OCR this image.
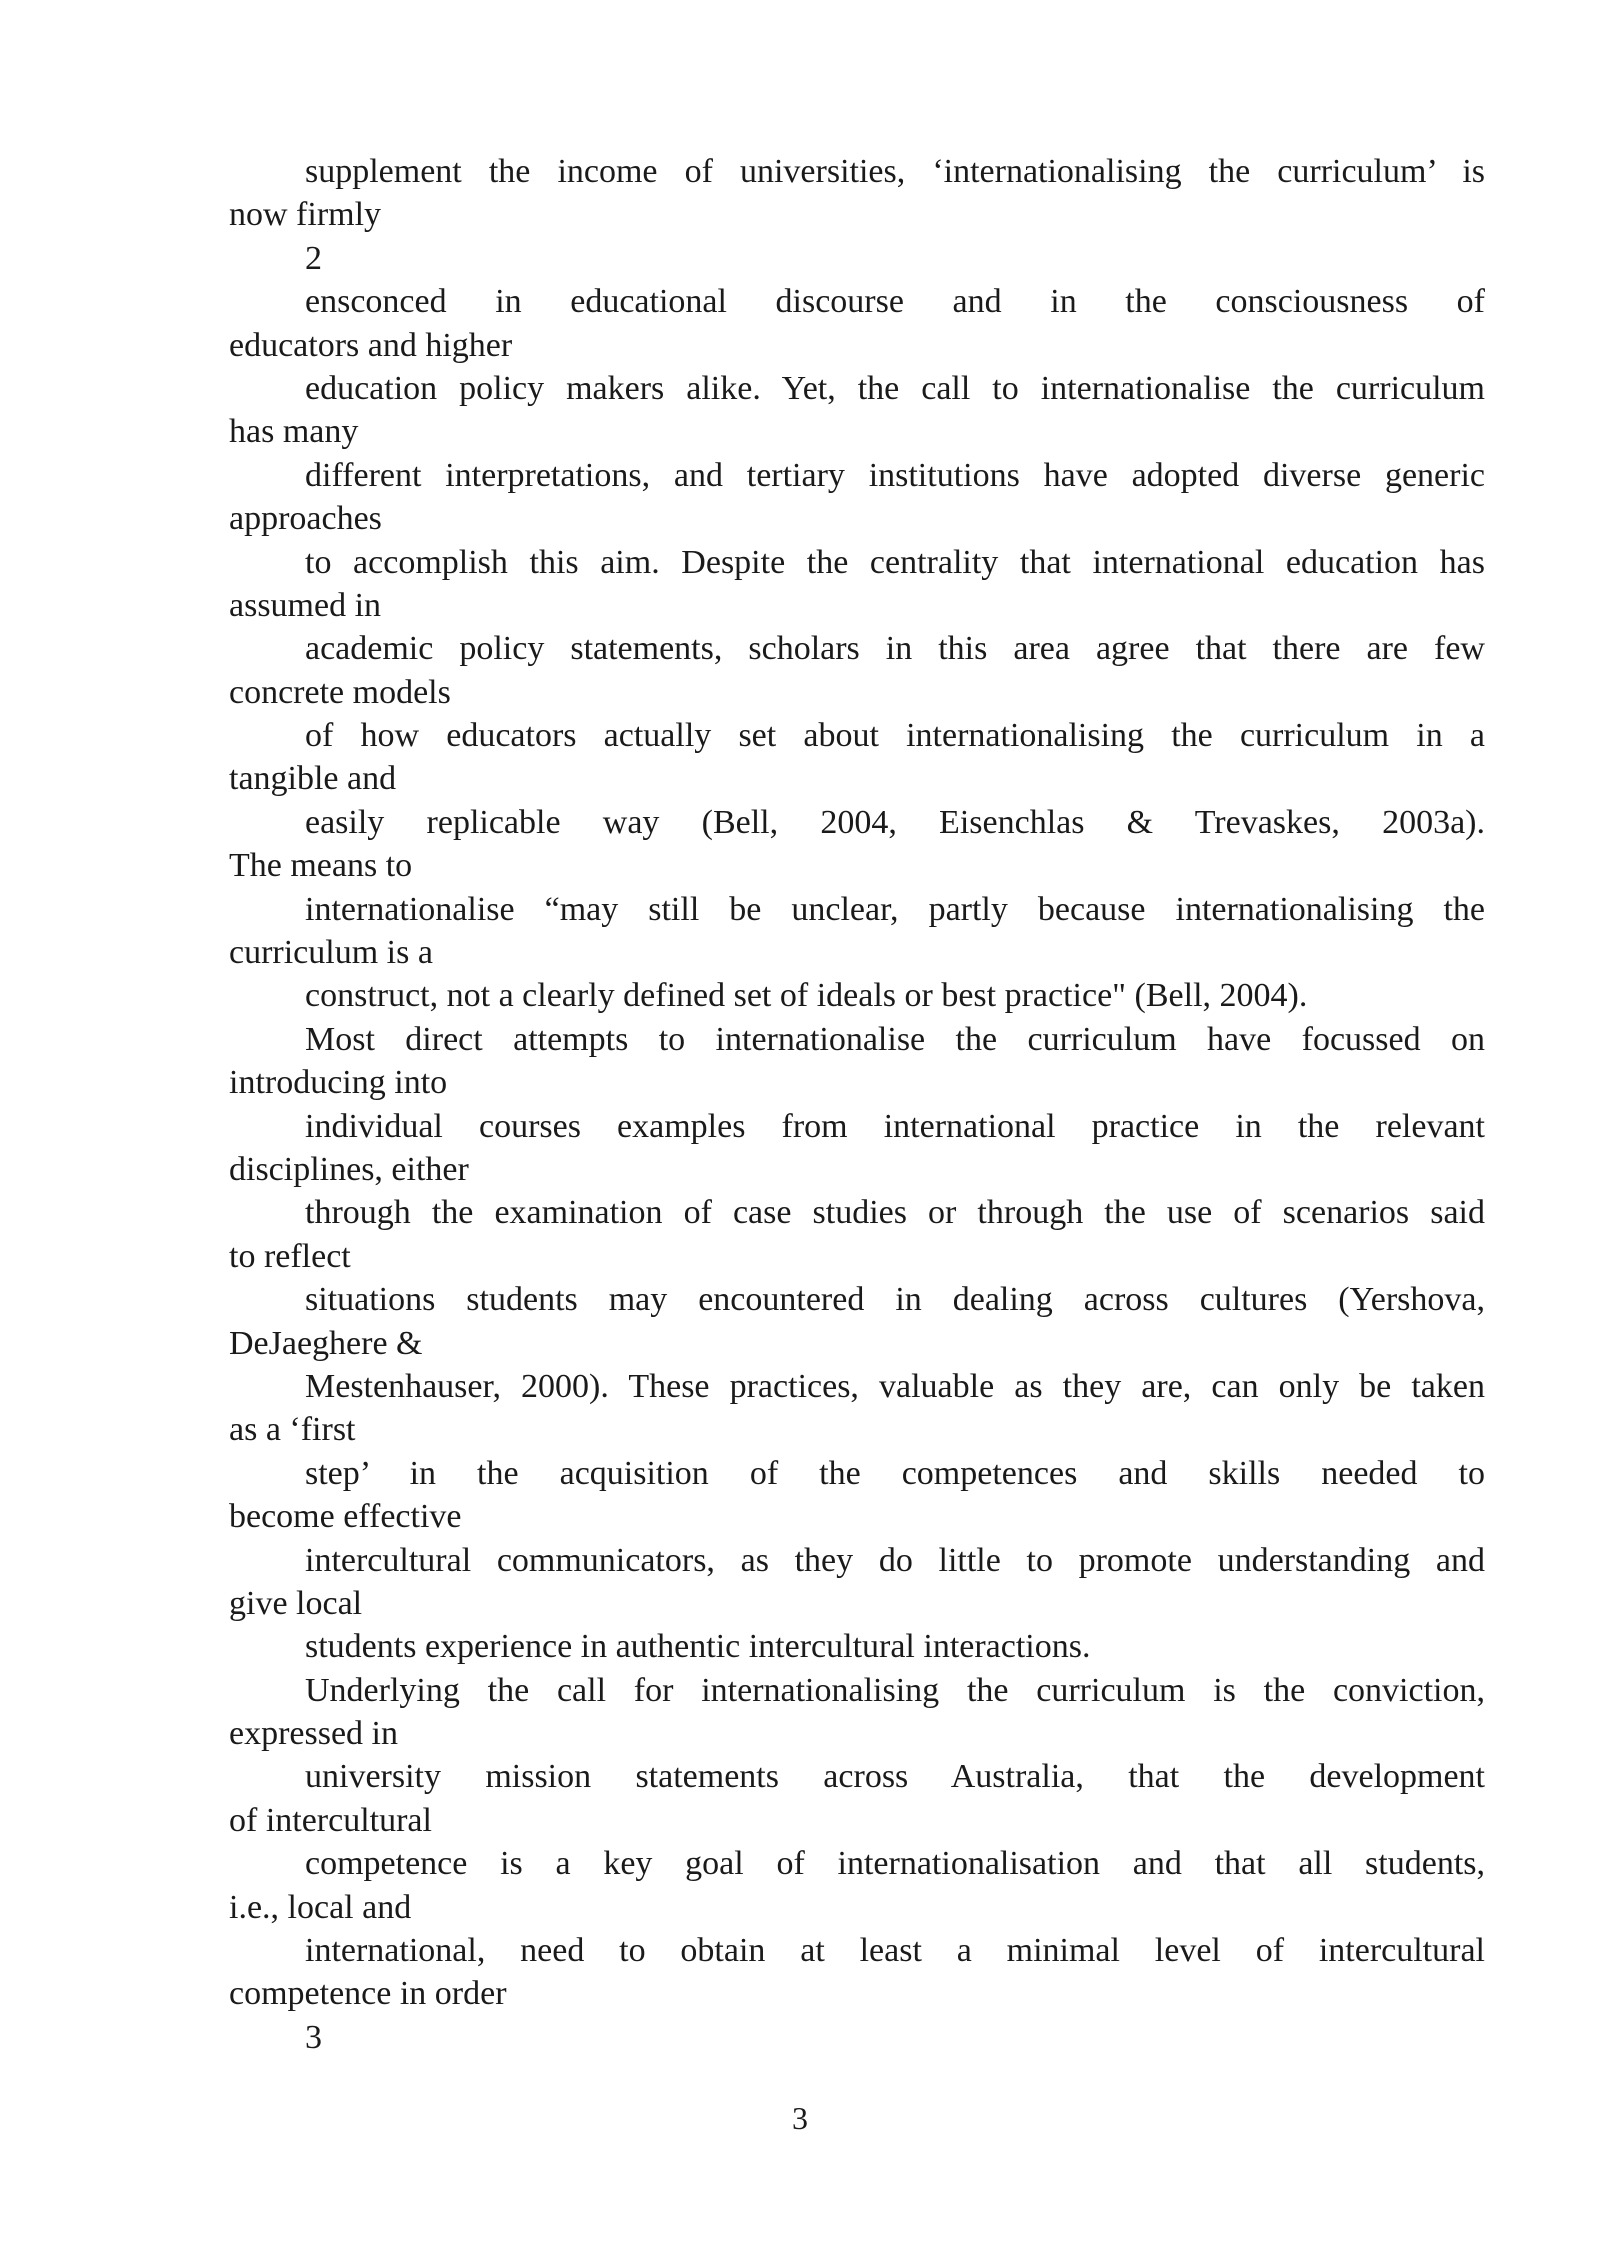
supplement the income of universities, ‘internationalising the curriculum’ is
now firmly
2
ensconced in educational discourse and in the consciousness of
educators and higher
education policy makers alike. Yet, the call to internationalise the curriculum
has many
different interpretations, and tertiary institutions have adopted diverse generic
approaches
to accomplish this aim. Despite the centrality that international education has
assumed in
academic policy statements, scholars in this area agree that there are few
concrete models
of how educators actually set about internationalising the curriculum in a
tangible and
easily replicable way (Bell, 2004, Eisenchlas & Trevaskes, 2003a).
The means to
internationalise “may still be unclear, partly because internationalising the
curriculum is a
construct, not a clearly defined set of ideals or best practice" (Bell, 2004).
Most direct attempts to internationalise the curriculum have focussed on
introducing into
individual courses examples from international practice in the relevant
disciplines, either
through the examination of case studies or through the use of scenarios said
to reflect
situations students may encountered in dealing across cultures (Yershova,
DeJaeghere &
Mestenhauser, 2000). These practices, valuable as they are, can only be taken
as a ‘first
step’ in the acquisition of the competences and skills needed to
become effective
intercultural communicators, as they do little to promote understanding and
give local
students experience in authentic intercultural interactions.
Underlying the call for internationalising the curriculum is the conviction,
expressed in
university mission statements across Australia, that the development
of intercultural
competence is a key goal of internationalisation and that all students,
i.e., local and
international, need to obtain at least a minimal level of intercultural
competence in order
3
3
